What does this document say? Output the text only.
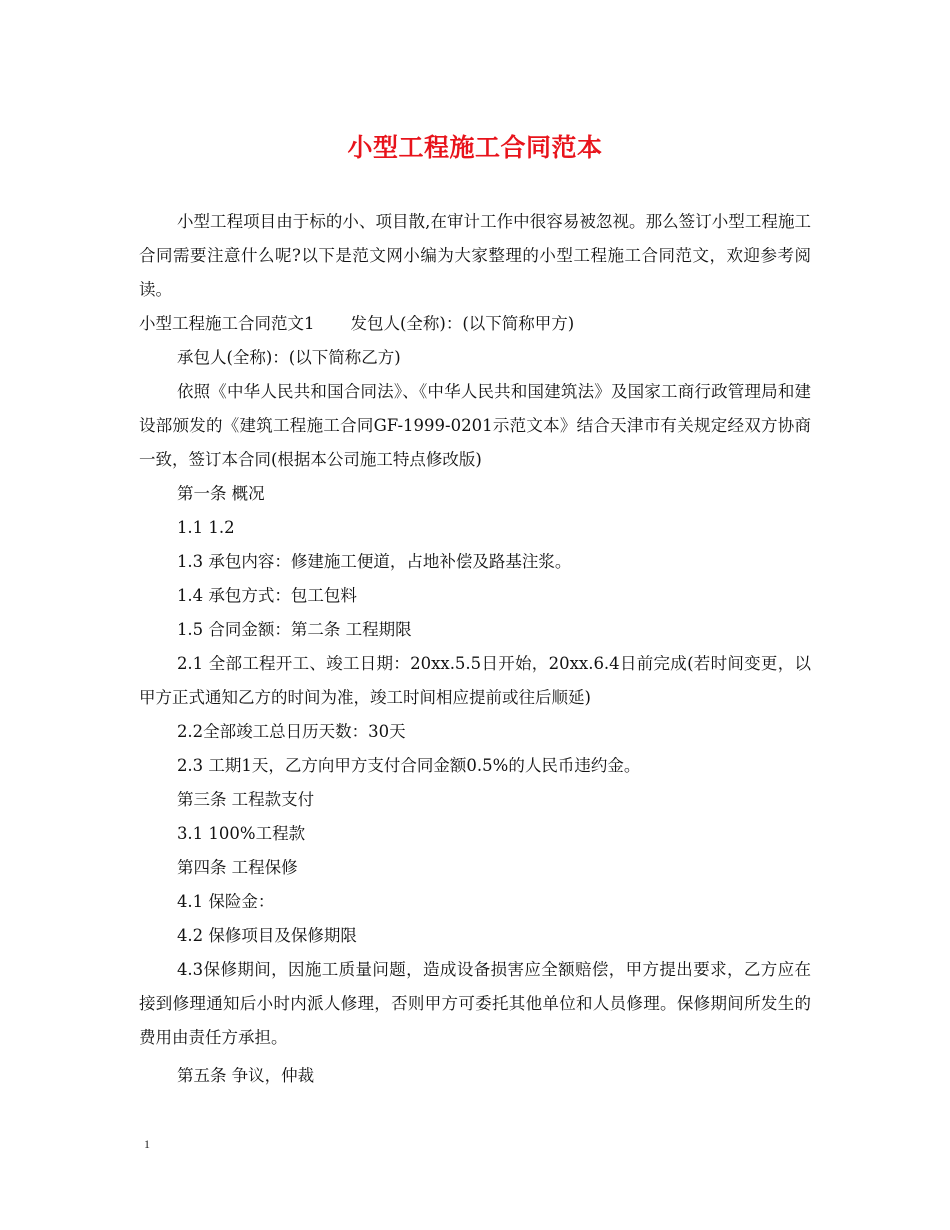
小型工程施工合同范本

小型工程项目由于标的小、项目散,在审计工作中很容易被忽视。那么签订小型工程施工合同需要注意什么呢?以下是范文网小编为大家整理的小型工程施工合同范文，欢迎参考阅读。

小型工程施工合同范文1 发包人(全称)：(以下简称甲方)

承包人(全称)：(以下简称乙方)

依照《中华人民共和国合同法》、《中华人民共和国建筑法》及国家工商行政管理局和建设部颁发的《建筑工程施工合同GF-1999-0201示范文本》结合天津市有关规定经双方协商一致，签订本合同(根据本公司施工特点修改版)

第一条 概况

1.1 1.2

1.3 承包内容：修建施工便道，占地补偿及路基注浆。

1.4 承包方式：包工包料

1.5 合同金额：第二条 工程期限

2.1 全部工程开工、竣工日期：20xx.5.5日开始，20xx.6.4日前完成(若时间变更，以甲方正式通知乙方的时间为准，竣工时间相应提前或往后顺延)

2.2全部竣工总日历天数：30天

2.3 工期1天，乙方向甲方支付合同金额0.5%的人民币违约金。

第三条 工程款支付

3.1 100%工程款

第四条 工程保修

4.1 保险金：

4.2 保修项目及保修期限

4.3保修期间，因施工质量问题，造成设备损害应全额赔偿，甲方提出要求，乙方应在接到修理通知后小时内派人修理，否则甲方可委托其他单位和人员修理。保修期间所发生的费用由责任方承担。

第五条 争议，仲裁

1
